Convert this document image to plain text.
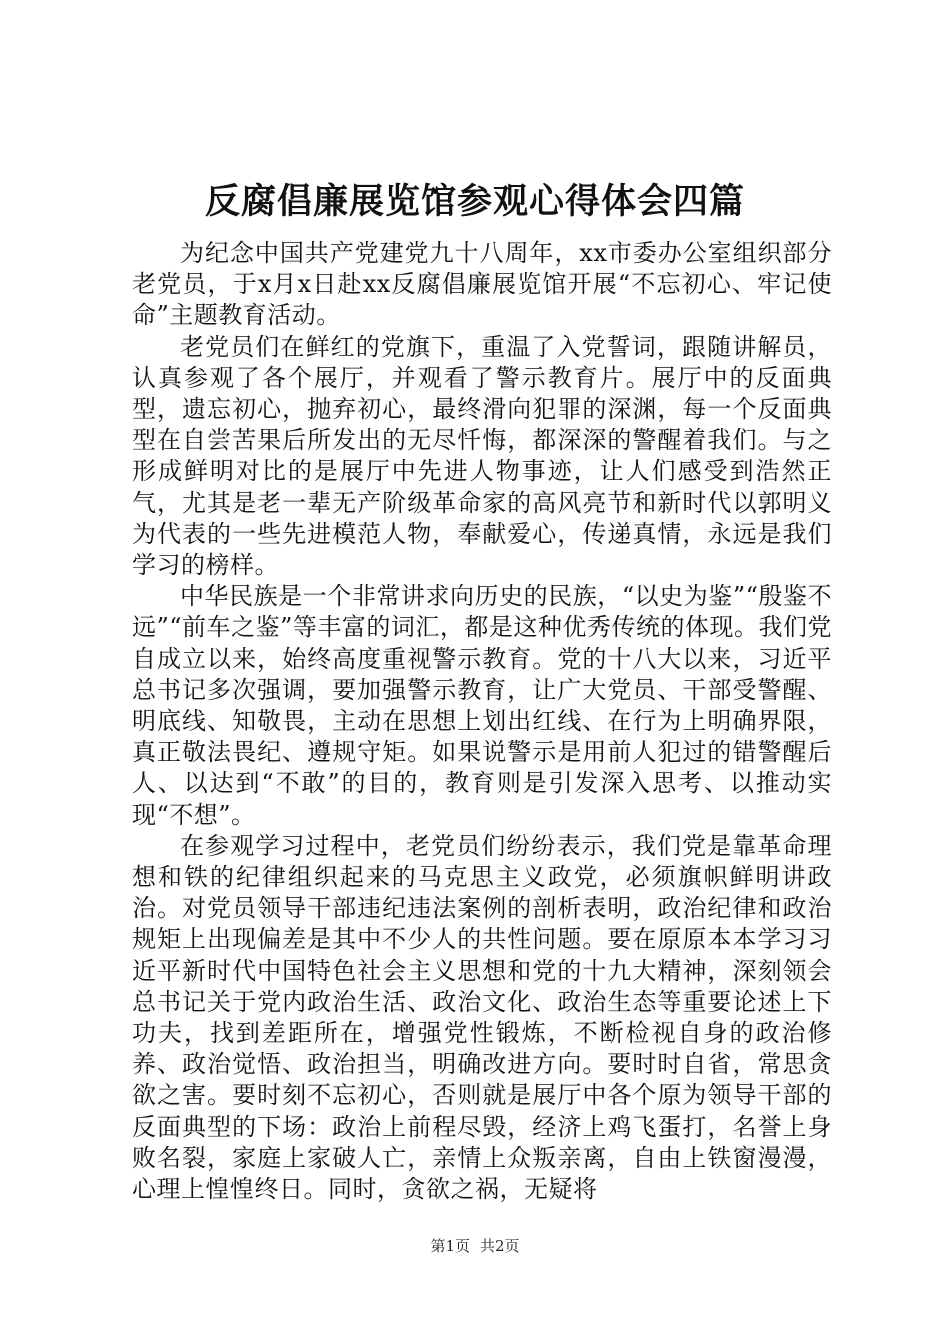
反腐倡廉展览馆参观心得体会四篇

为纪念中国共产党建党九十八周年，xx市委办公室组织部分老党员，于x月x日赴xx反腐倡廉展览馆开展“不忘初心、牢记使命”主题教育活动。

老党员们在鲜红的党旗下，重温了入党誓词，跟随讲解员，认真参观了各个展厅，并观看了警示教育片。展厅中的反面典型，遗忘初心，抛弃初心，最终滑向犯罪的深渊，每一个反面典型在自尝苦果后所发出的无尽忏悔，都深深的警醒着我们。与之形成鲜明对比的是展厅中先进人物事迹，让人们感受到浩然正气，尤其是老一辈无产阶级革命家的高风亮节和新时代以郭明义为代表的一些先进模范人物，奉献爱心，传递真情，永远是我们学习的榜样。

中华民族是一个非常讲求向历史的民族，“以史为鉴”“殷鉴不远”“前车之鉴”等丰富的词汇，都是这种优秀传统的体现。我们党自成立以来，始终高度重视警示教育。党的十八大以来，习近平总书记多次强调，要加强警示教育，让广大党员、干部受警醒、明底线、知敬畏，主动在思想上划出红线、在行为上明确界限，真正敬法畏纪、遵规守矩。如果说警示是用前人犯过的错警醒后人、以达到“不敢”的目的，教育则是引发深入思考、以推动实现“不想”。

在参观学习过程中，老党员们纷纷表示，我们党是靠革命理想和铁的纪律组织起来的马克思主义政党，必须旗帜鲜明讲政治。对党员领导干部违纪违法案例的剖析表明，政治纪律和政治规矩上出现偏差是其中不少人的共性问题。要在原原本本学习习近平新时代中国特色社会主义思想和党的十九大精神，深刻领会总书记关于党内政治生活、政治文化、政治生态等重要论述上下功夫，找到差距所在，增强党性锻炼，不断检视自身的政治修养、政治觉悟、政治担当，明确改进方向。要时时自省，常思贪欲之害。要时刻不忘初心，否则就是展厅中各个原为领导干部的反面典型的下场：政治上前程尽毁，经济上鸡飞蛋打，名誉上身败名裂，家庭上家破人亡，亲情上众叛亲离，自由上铁窗漫漫，心理上惶惶终日。同时，贪欲之祸，无疑将

第1页 共2页
